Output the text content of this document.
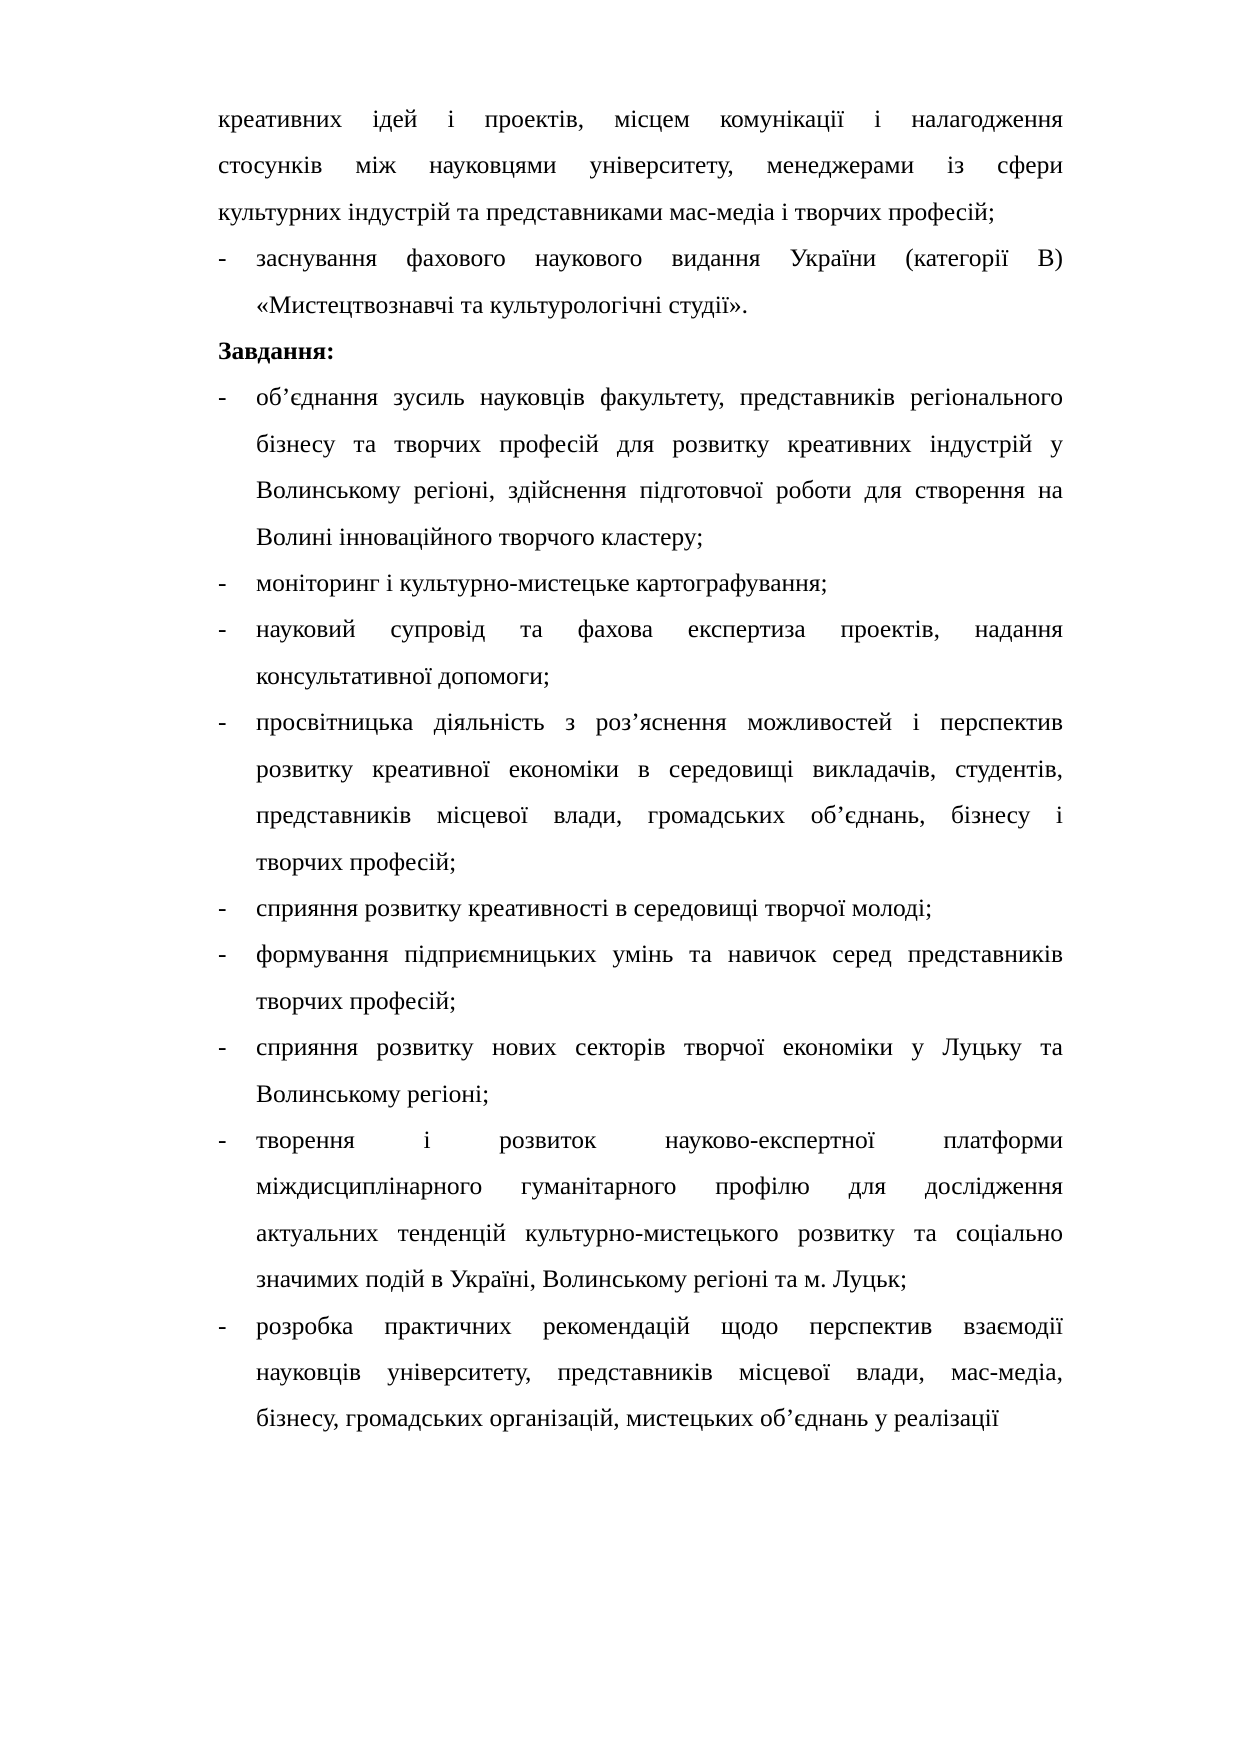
креативних ідей і проектів, місцем комунікації і налагодження
стосунків між науковцями університету, менеджерами із сфери
культурних індустрій та представниками мас-медіа і творчих професій;

-	заснування фахового наукового видання України (категорії В)
«Мистецтвознавчі та культурологічні студії».
Завдання:
-	об’єднання зусиль науковців факультету, представників регіонального
бізнесу та творчих професій для розвитку креативних індустрій у
Волинському регіоні, здійснення підготовчої роботи для створення на
Волині інноваційного творчого кластеру;
-	моніторинг і культурно-мистецьке картографування;
-	науковий супровід та фахова експертиза проектів, надання
консультативної допомоги;
-	просвітницька діяльність з роз’яснення можливостей і перспектив
розвитку креативної економіки в середовищі викладачів, студентів,
представників місцевої влади, громадських об’єднань, бізнесу і
творчих професій;
-	сприяння розвитку креативності в середовищі творчої молоді;
-	формування підприємницьких умінь та навичок серед представників
творчих професій;
-	сприяння розвитку нових секторів творчої економіки у Луцьку та
Волинському регіоні;
-	творення і розвиток науково-експертної платформи
міждисциплінарного гуманітарного профілю для дослідження
актуальних тенденцій культурно-мистецького розвитку та соціально
значимих подій в Україні, Волинському регіоні та м. Луцьк;
-	розробка практичних рекомендацій щодо перспектив взаємодії
науковців університету, представників місцевої влади, мас-медіа,
бізнесу, громадських організацій, мистецьких об’єднань у реалізації
